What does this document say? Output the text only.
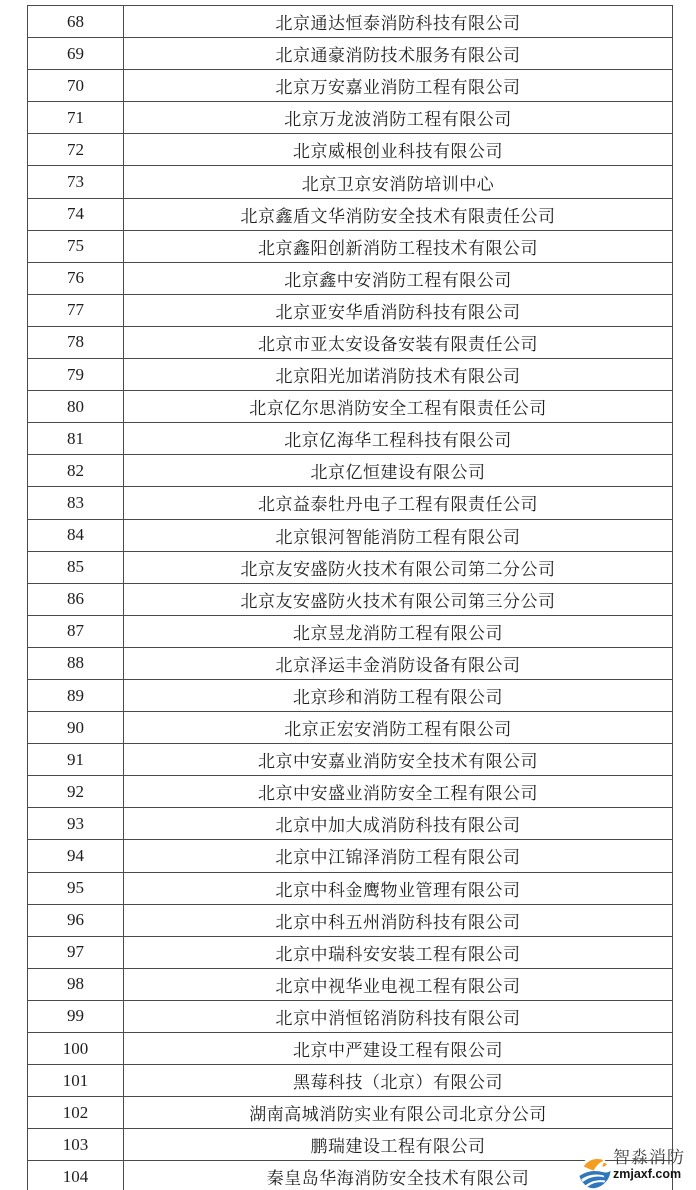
68	北京通达恒泰消防科技有限公司
69	北京通豪消防技术服务有限公司
70	北京万安嘉业消防工程有限公司
71	北京万龙波消防工程有限公司
72	北京威根创业科技有限公司
73	北京卫京安消防培训中心
74	北京鑫盾文华消防安全技术有限责任公司
75	北京鑫阳创新消防工程技术有限公司
76	北京鑫中安消防工程有限公司
77	北京亚安华盾消防科技有限公司
78	北京市亚太安设备安装有限责任公司
79	北京阳光加诺消防技术有限公司
80	北京亿尔思消防安全工程有限责任公司
81	北京亿海华工程科技有限公司
82	北京亿恒建设有限公司
83	北京益泰牡丹电子工程有限责任公司
84	北京银河智能消防工程有限公司
85	北京友安盛防火技术有限公司第二分公司
86	北京友安盛防火技术有限公司第三分公司
87	北京昱龙消防工程有限公司
88	北京泽运丰金消防设备有限公司
89	北京珍和消防工程有限公司
90	北京正宏安消防工程有限公司
91	北京中安嘉业消防安全技术有限公司
92	北京中安盛业消防安全工程有限公司
93	北京中加大成消防科技有限公司
94	北京中江锦泽消防工程有限公司
95	北京中科金鹰物业管理有限公司
96	北京中科五州消防科技有限公司
97	北京中瑞科安安装工程有限公司
98	北京中视华业电视工程有限公司
99	北京中消恒铭消防科技有限公司
100	北京中严建设工程有限公司
101	黑莓科技（北京）有限公司
102	湖南高城消防实业有限公司北京分公司
103	鹏瑞建设工程有限公司
104	秦皇岛华海消防安全技术有限公司
智淼消防
zmjaxf.com
